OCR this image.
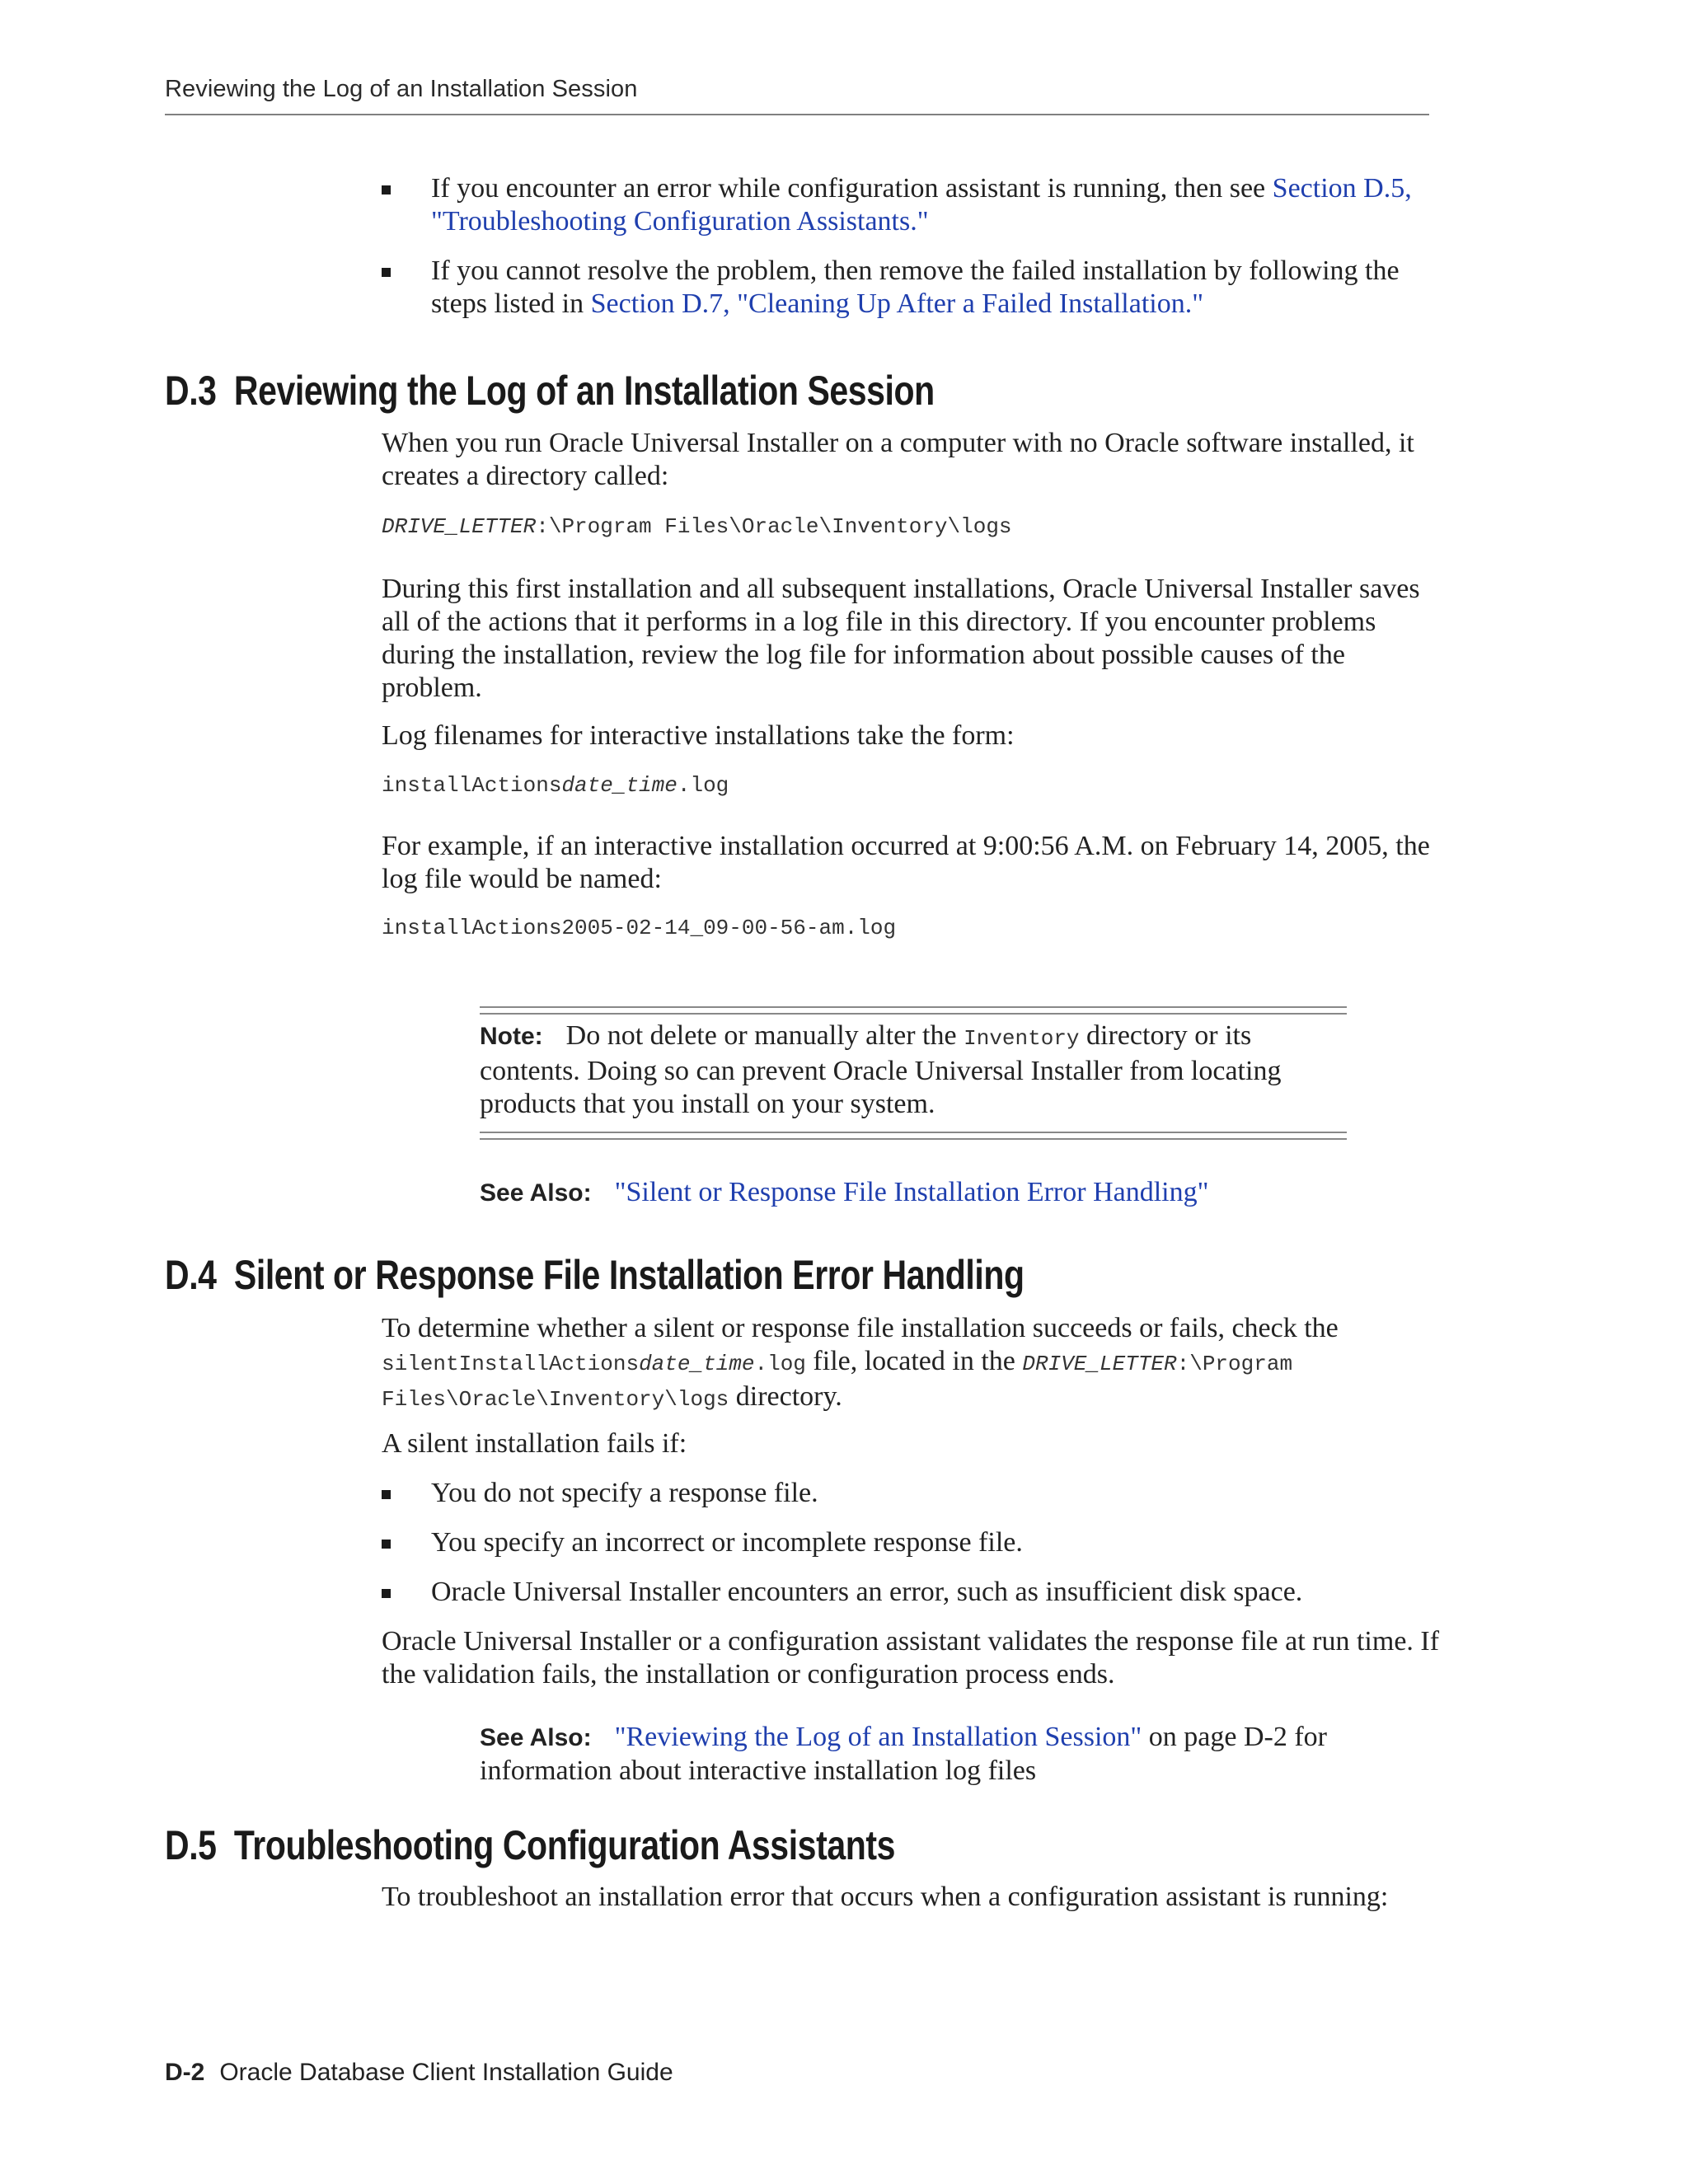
Reviewing the Log of an Installation Session
If you encounter an error while configuration assistant is running, then see Section D.5, "Troubleshooting Configuration Assistants."
If you cannot resolve the problem, then remove the failed installation by following the steps listed in Section D.7, "Cleaning Up After a Failed Installation."
D.3 Reviewing the Log of an Installation Session

When you run Oracle Universal Installer on a computer with no Oracle software installed, it creates a directory called:

DRIVE_LETTER:\Program Files\Oracle\Inventory\logs

During this first installation and all subsequent installations, Oracle Universal Installer saves all of the actions that it performs in a log file in this directory. If you encounter problems during the installation, review the log file for information about possible causes of the problem.

Log filenames for interactive installations take the form:

installActionsdate_time.log

For example, if an interactive installation occurred at 9:00:56 A.M. on February 14, 2005, the log file would be named:

installActions2005-02-14_09-00-56-am.log
Note: Do not delete or manually alter the Inventory directory or its contents. Doing so can prevent Oracle Universal Installer from locating products that you install on your system.
See Also: "Silent or Response File Installation Error Handling"
D.4 Silent or Response File Installation Error Handling

To determine whether a silent or response file installation succeeds or fails, check the silentInstallActionsdate_time.log file, located in the DRIVE_LETTER:\Program Files\Oracle\Inventory\logs directory.

A silent installation fails if:

You do not specify a response file.
You specify an incorrect or incomplete response file.
Oracle Universal Installer encounters an error, such as insufficient disk space.

Oracle Universal Installer or a configuration assistant validates the response file at run time. If the validation fails, the installation or configuration process ends.

See Also: "Reviewing the Log of an Installation Session" on page D-2 for information about interactive installation log files
D.5 Troubleshooting Configuration Assistants

To troubleshoot an installation error that occurs when a configuration assistant is running:

D-2 Oracle Database Client Installation Guide
